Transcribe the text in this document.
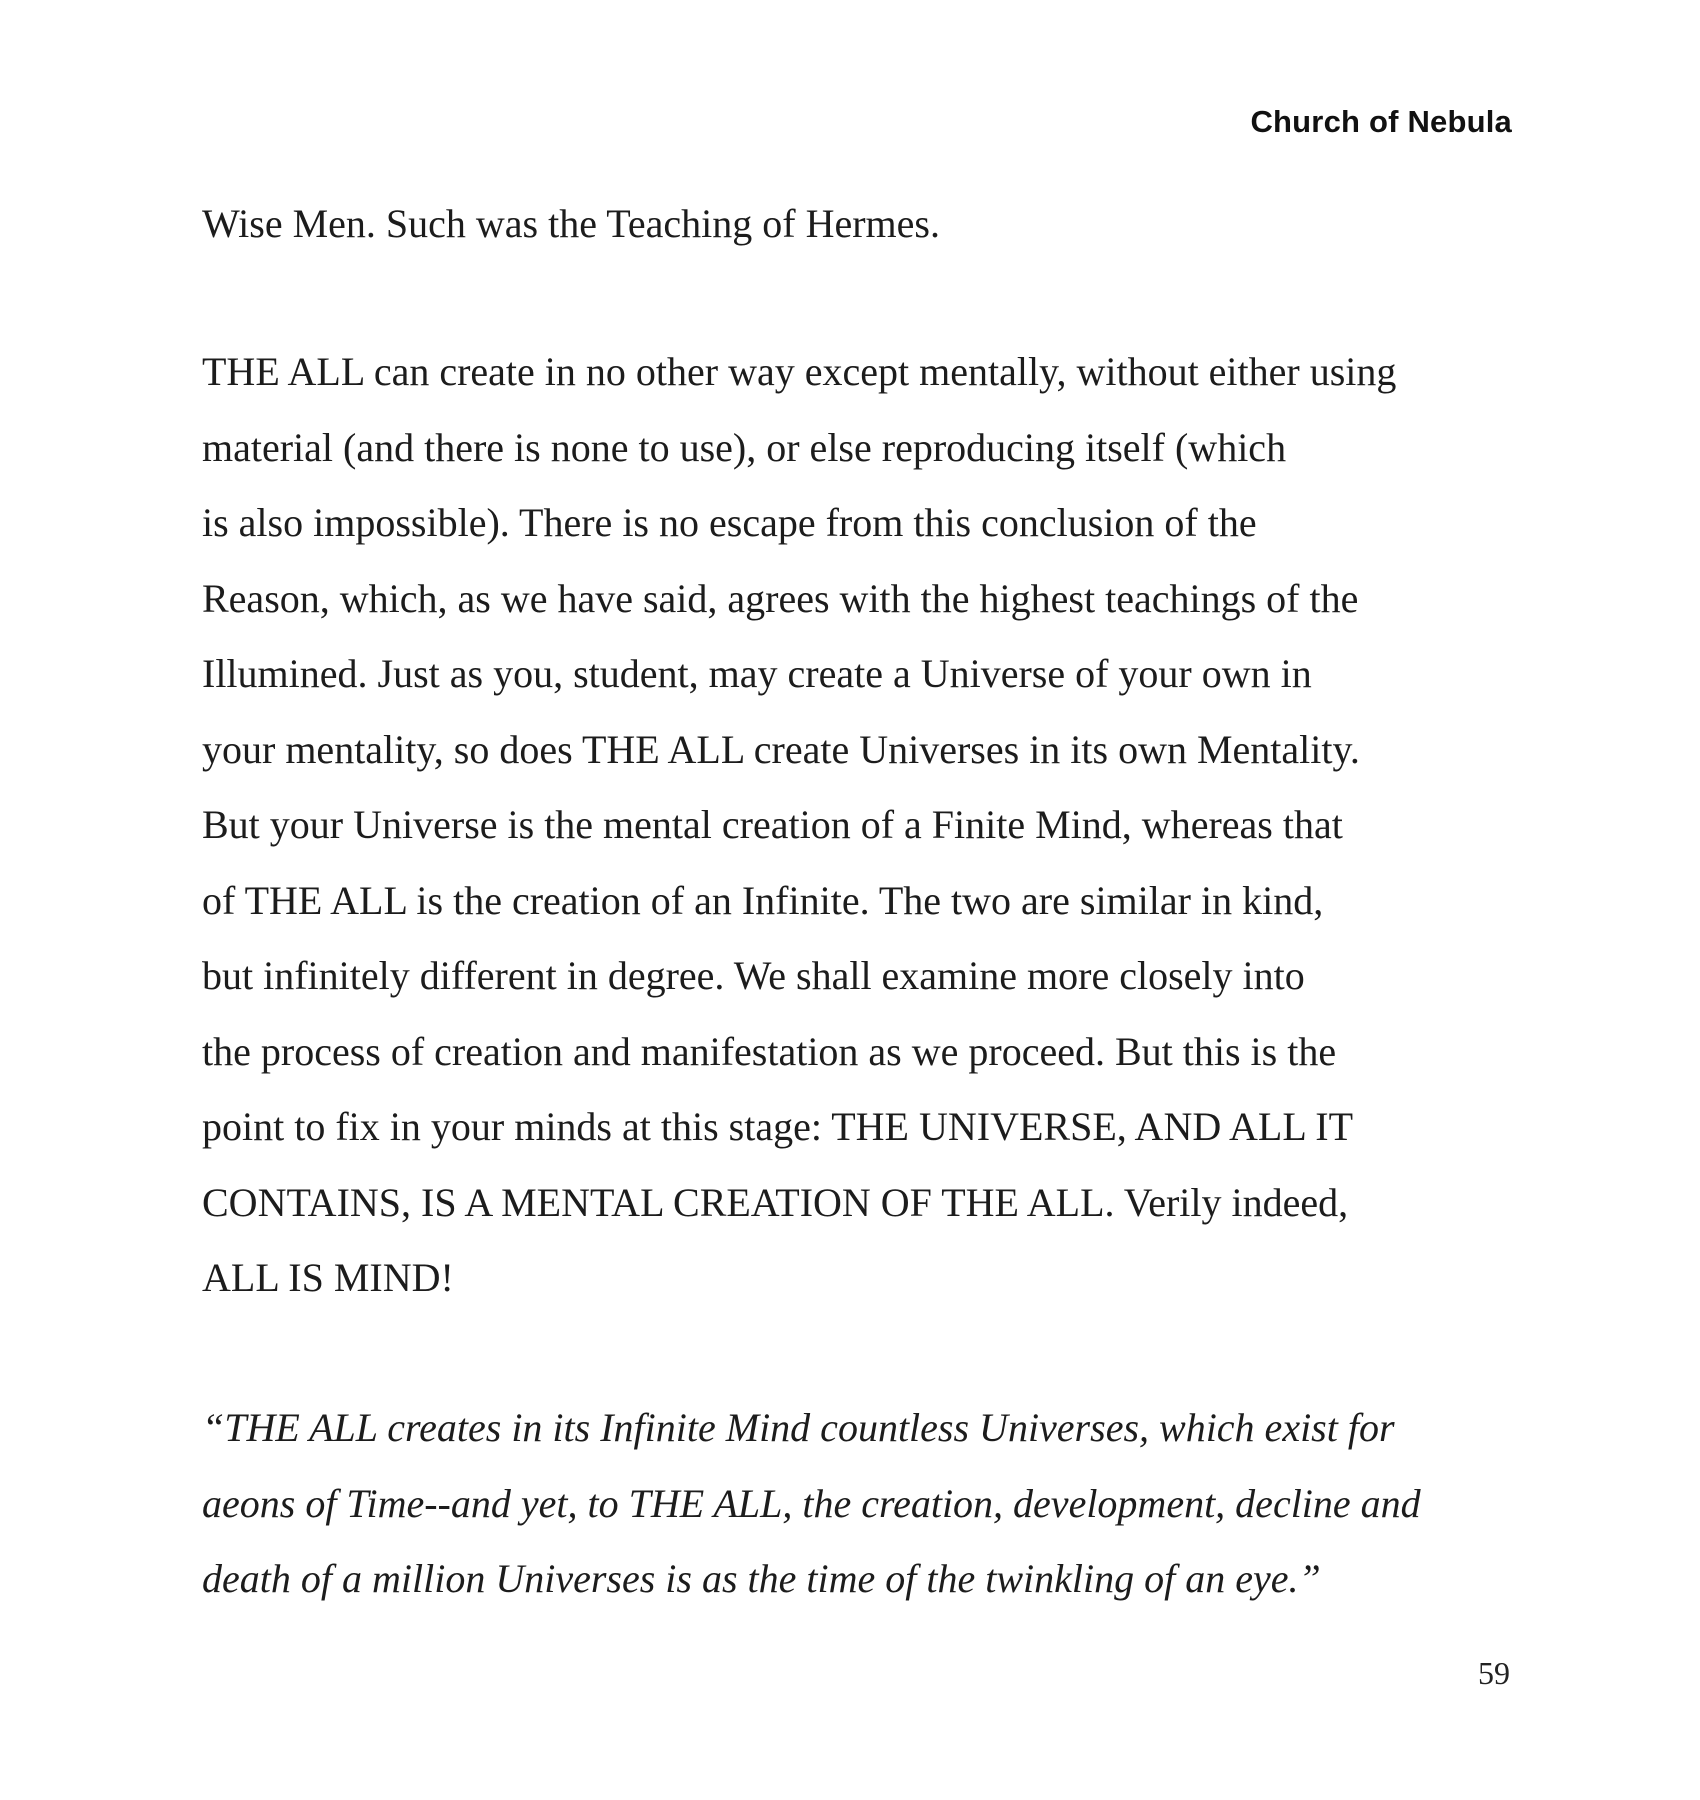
Church of Nebula
Wise Men. Such was the Teaching of Hermes.
THE ALL can create in no other way except mentally, without either using
material (and there is none to use), or else reproducing itself (which
is also impossible). There is no escape from this conclusion of the
Reason, which, as we have said, agrees with the highest teachings of the
Illumined. Just as you, student, may create a Universe of your own in
your mentality, so does THE ALL create Universes in its own Mentality.
But your Universe is the mental creation of a Finite Mind, whereas that
of THE ALL is the creation of an Infinite. The two are similar in kind,
but infinitely different in degree. We shall examine more closely into
the process of creation and manifestation as we proceed. But this is the
point to fix in your minds at this stage: THE UNIVERSE, AND ALL IT
CONTAINS, IS A MENTAL CREATION OF THE ALL. Verily indeed,
ALL IS MIND!
“THE ALL creates in its Infinite Mind countless Universes, which exist for
aeons of Time--and yet, to THE ALL, the creation, development, decline and
death of a million Universes is as the time of the twinkling of an eye.”
59
